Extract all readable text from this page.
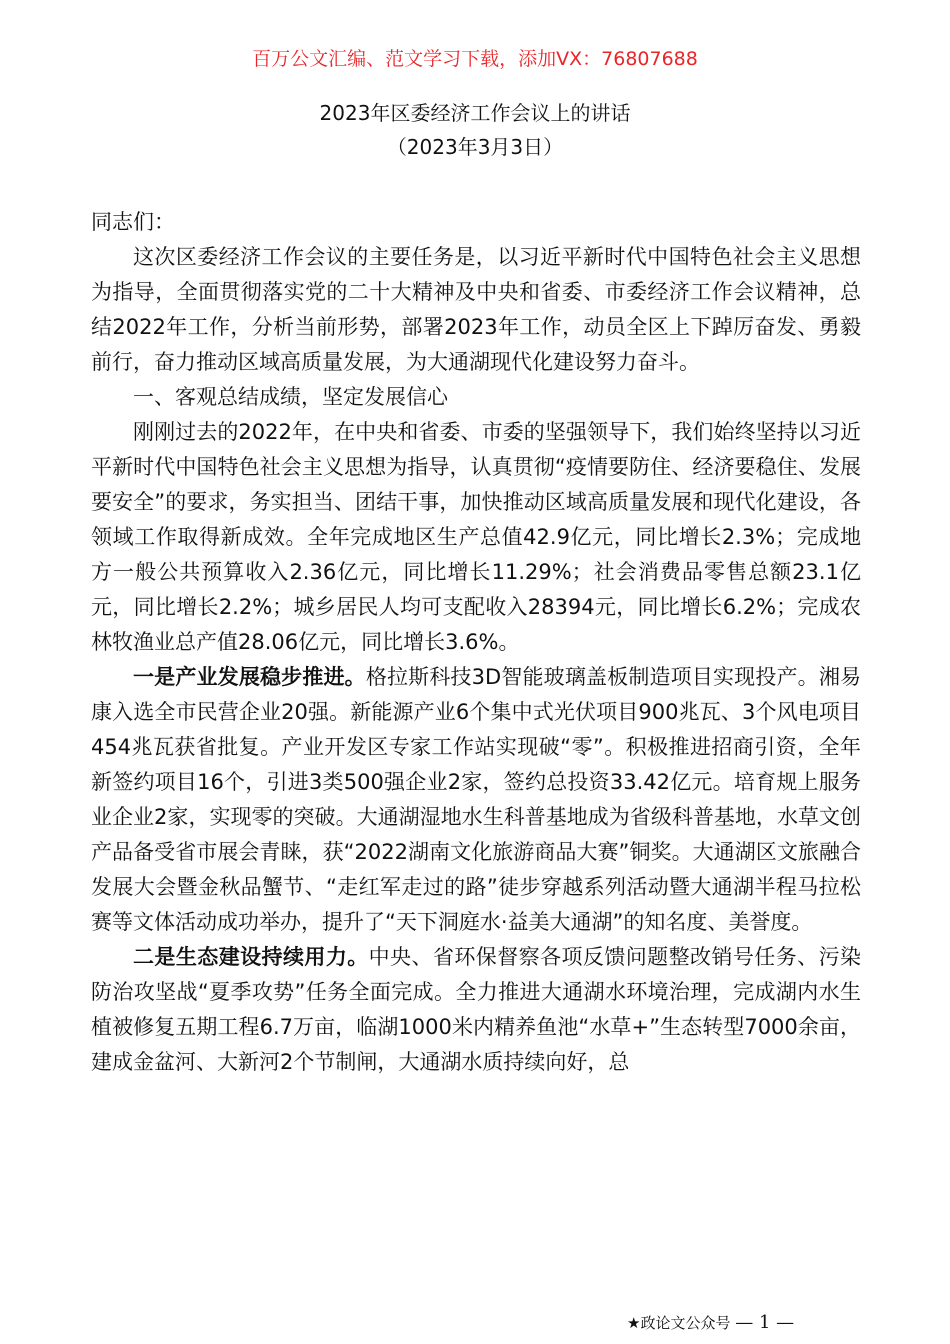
百万公文汇编、范文学习下载，添加VX：76807688
2023年区委经济工作会议上的讲话
（2023年3月3日）

同志们：

这次区委经济工作会议的主要任务是，以习近平新时代中国特色社会主义思想为指导，全面贯彻落实党的二十大精神及中央和省委、市委经济工作会议精神，总结2022年工作，分析当前形势，部署2023年工作，动员全区上下踔厉奋发、勇毅前行，奋力推动区域高质量发展，为大通湖现代化建设努力奋斗。

一、客观总结成绩，坚定发展信心

刚刚过去的2022年，在中央和省委、市委的坚强领导下，我们始终坚持以习近平新时代中国特色社会主义思想为指导，认真贯彻“疫情要防住、经济要稳住、发展要安全”的要求，务实担当、团结干事，加快推动区域高质量发展和现代化建设，各领域工作取得新成效。全年完成地区生产总值42.9亿元，同比增长2.3%；完成地方一般公共预算收入2.36亿元，同比增长11.29%；社会消费品零售总额23.1亿元，同比增长2.2%；城乡居民人均可支配收入28394元，同比增长6.2%；完成农林牧渔业总产值28.06亿元，同比增长3.6%。

一是产业发展稳步推进。格拉斯科技3D智能玻璃盖板制造项目实现投产。湘易康入选全市民营企业20强。新能源产业6个集中式光伏项目900兆瓦、3个风电项目454兆瓦获省批复。产业开发区专家工作站实现破“零”。积极推进招商引资，全年新签约项目16个，引进3类500强企业2家，签约总投资33.42亿元。培育规上服务业企业2家，实现零的突破。大通湖湿地水生科普基地成为省级科普基地，水草文创产品备受省市展会青睐，获“2022湖南文化旅游商品大赛”铜奖。大通湖区文旅融合发展大会暨金秋品蟹节、“走红军走过的路”徒步穿越系列活动暨大通湖半程马拉松赛等文体活动成功举办，提升了“天下洞庭水·益美大通湖”的知名度、美誉度。

二是生态建设持续用力。中央、省环保督察各项反馈问题整改销号任务、污染防治攻坚战“夏季攻势”任务全面完成。全力推进大通湖水环境治理，完成湖内水生植被修复五期工程6.7万亩，临湖1000米内精养鱼池“水草+”生态转型7000余亩，建成金盆河、大新河2个节制闸，大通湖水质持续向好，总

★政论文公众号 — 1 —
